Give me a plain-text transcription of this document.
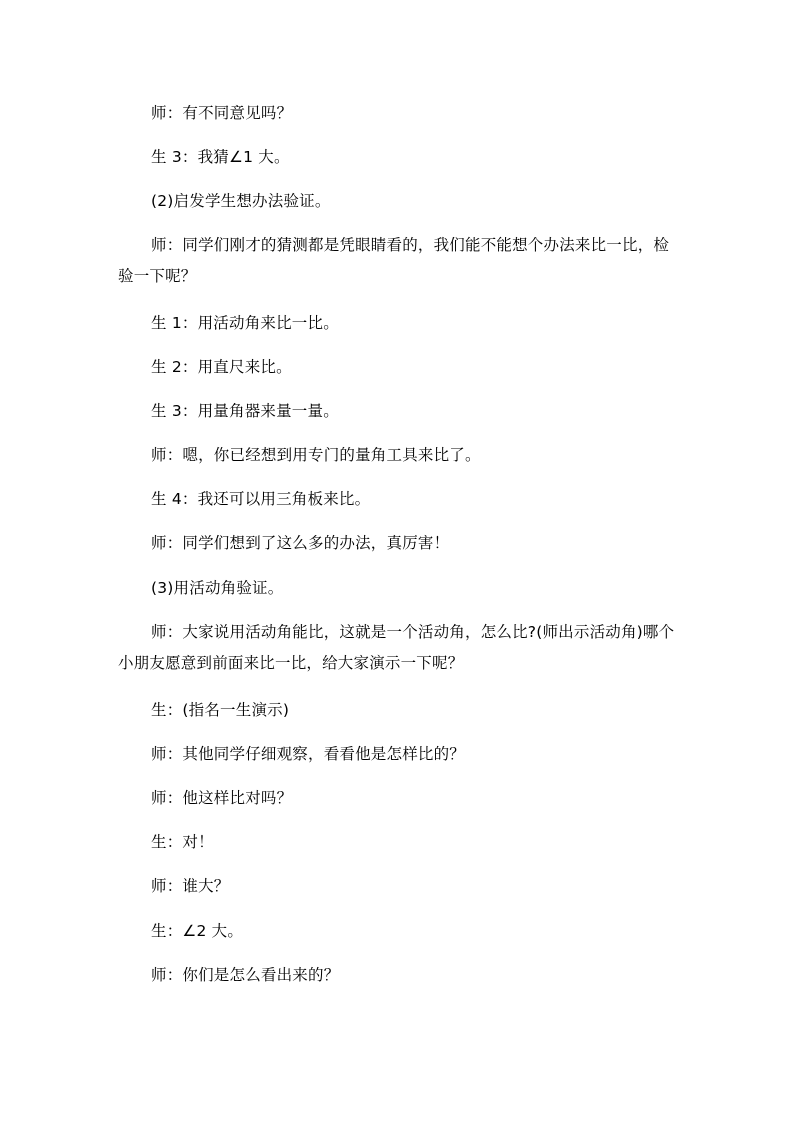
师：有不同意见吗？

生 3：我猜∠1 大。

(2)启发学生想办法验证。

师：同学们刚才的猜测都是凭眼睛看的，我们能不能想个办法来比一比，检验一下呢？

生 1：用活动角来比一比。

生 2：用直尺来比。

生 3：用量角器来量一量。

师：嗯，你已经想到用专门的量角工具来比了。

生 4：我还可以用三角板来比。

师：同学们想到了这么多的办法，真厉害！

(3)用活动角验证。

师：大家说用活动角能比，这就是一个活动角，怎么比?(师出示活动角)哪个小朋友愿意到前面来比一比，给大家演示一下呢？

生：(指名一生演示)

师：其他同学仔细观察，看看他是怎样比的？

师：他这样比对吗？

生：对！

师：谁大？

生：∠2 大。

师：你们是怎么看出来的？
